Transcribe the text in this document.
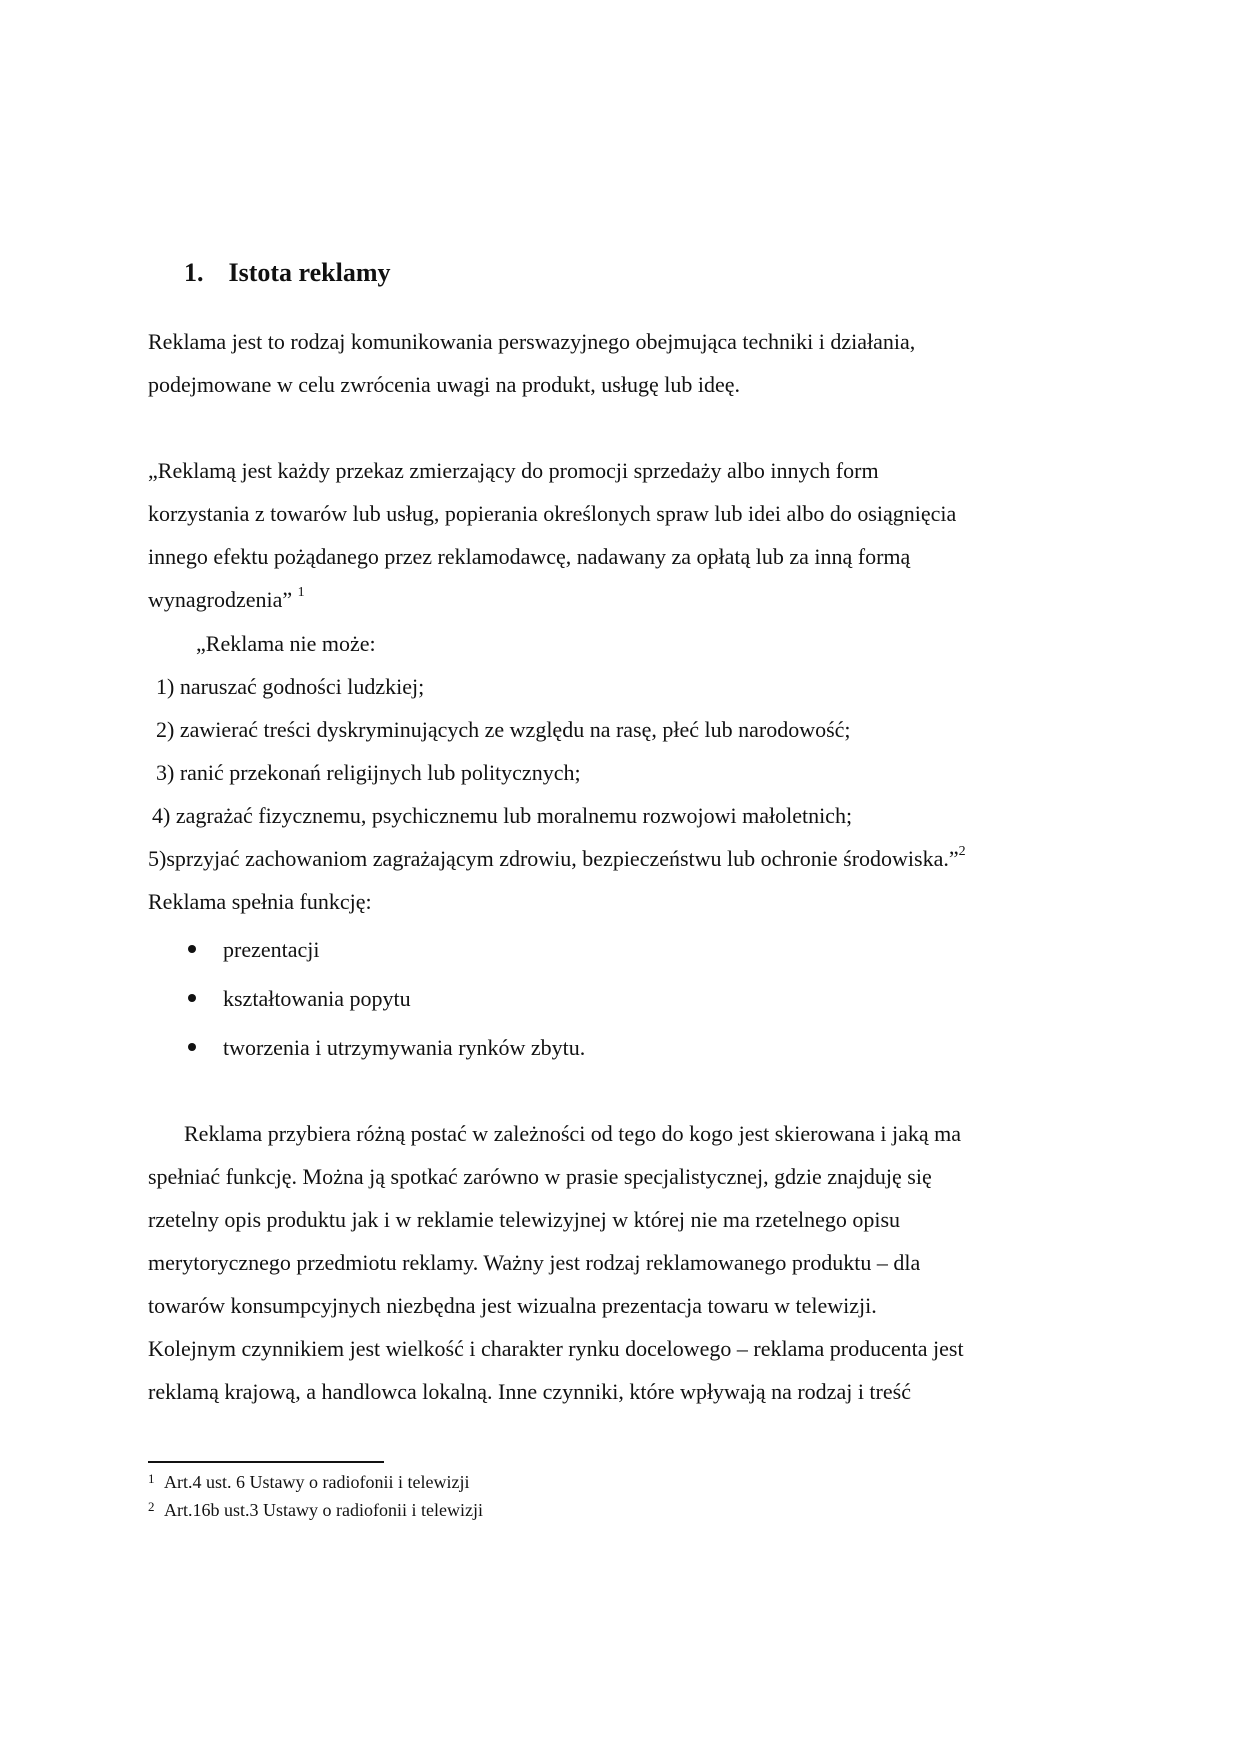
1. Istota reklamy
Reklama jest to rodzaj komunikowania perswazyjnego obejmująca techniki i działania,
podejmowane w celu zwrócenia uwagi na produkt, usługę lub ideę.
„Reklamą jest każdy przekaz zmierzający do promocji sprzedaży albo innych form
korzystania z towarów lub usług, popierania określonych spraw lub idei albo do osiągnięcia
innego efektu pożądanego przez reklamodawcę, nadawany za opłatą lub za inną formą
wynagrodzenia” $^1$
„Reklama nie może:
1) naruszać godności ludzkiej;
2) zawierać treści dyskryminujących ze względu na rasę, płeć lub narodowość;
3) ranić przekonań religijnych lub politycznych;
4) zagrażać fizycznemu, psychicznemu lub moralnemu rozwojowi małoletnich;
5)sprzyjać zachowaniom zagrażającym zdrowiu, bezpieczeństwu lub ochronie środowiska.”$^2$
Reklama spełnia funkcję:
prezentacji
kształtowania popytu
tworzenia i utrzymywania rynków zbytu.
Reklama przybiera różną postać w zależności od tego do kogo jest skierowana i jaką ma
spełniać funkcję. Można ją spotkać zarówno w prasie specjalistycznej, gdzie znajduję się
rzetelny opis produktu jak i w reklamie telewizyjnej w której nie ma rzetelnego opisu
merytorycznego przedmiotu reklamy. Ważny jest rodzaj reklamowanego produktu – dla
towarów konsumpcyjnych niezbędna jest wizualna prezentacja towaru w telewizji.
Kolejnym czynnikiem jest wielkość i charakter rynku docelowego – reklama producenta jest
reklamą krajową, a handlowca lokalną. Inne czynniki, które wpływają na rodzaj i treść
1 Art.4 ust. 6 Ustawy o radiofonii i telewizji
2 Art.16b ust.3 Ustawy o radiofonii i telewizji
